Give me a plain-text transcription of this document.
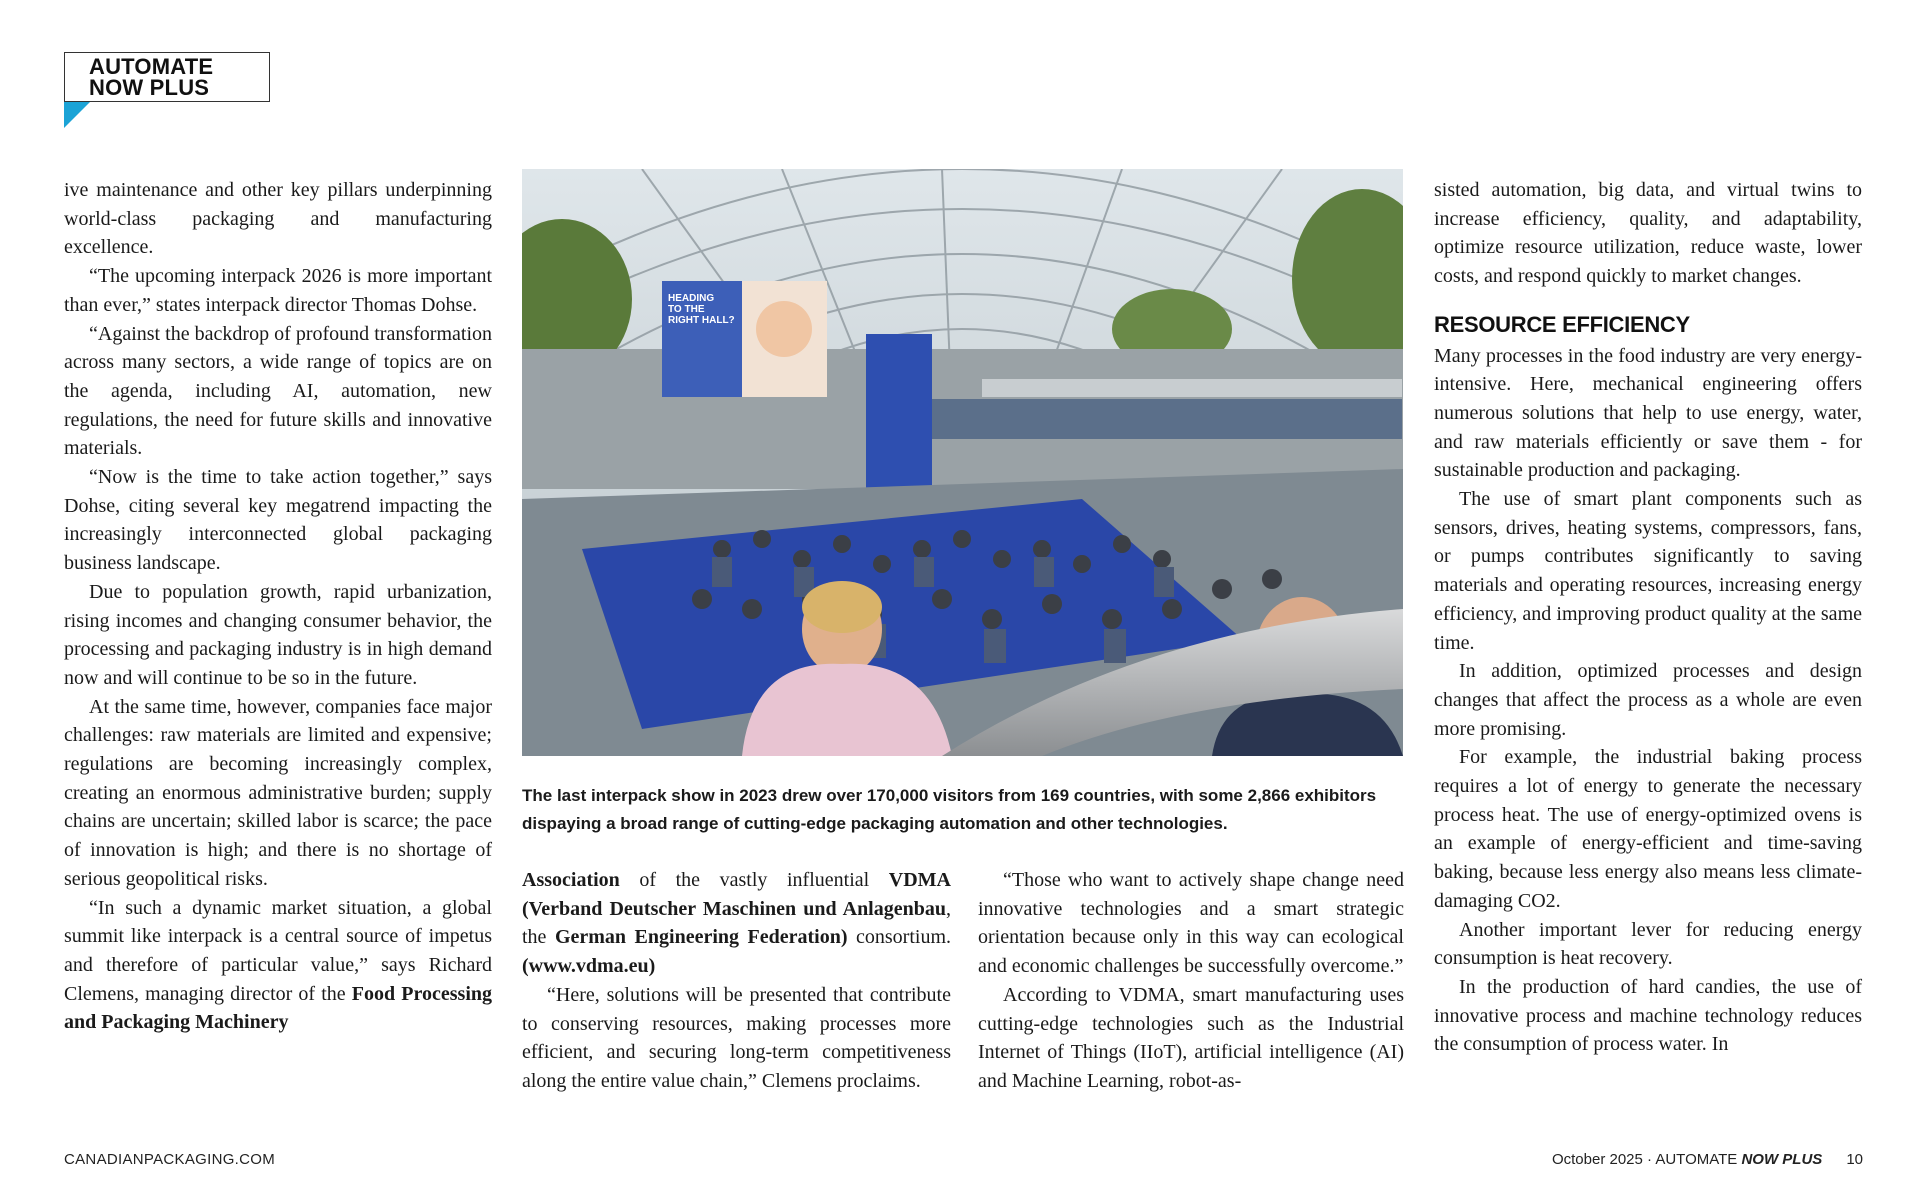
AUTOMATE
NOW PLUS

ive maintenance and other key pillars underpinning world-class packaging and manufacturing excellence.

“The upcoming interpack 2026 is more important than ever,” states interpack director Thomas Dohse.

“Against the backdrop of profound transformation across many sectors, a wide range of topics are on the agenda, including AI, automation, new regulations, the need for future skills and innovative materials.

“Now is the time to take action together,” says Dohse, citing several key megatrend impacting the increasingly interconnected global packaging business landscape.

Due to population growth, rapid urbanization, rising incomes and changing consumer behavior, the processing and packaging industry is in high demand now and will continue to be so in the future.

At the same time, however, companies face major challenges: raw materials are limited and expensive; regulations are becoming increasingly complex, creating an enormous administrative burden; supply chains are uncertain; skilled labor is scarce; the pace of innovation is high; and there is no shortage of serious geopolitical risks.

“In such a dynamic market situation, a global summit like interpack is a central source of impetus and therefore of particular value,” says Richard Clemens, managing director of the Food Processing and Packaging Machinery

HEADING TO THE RIGHT HALL?
The last interpack show in 2023 drew over 170,000 visitors from 169 countries, with some 2,866 exhibitors dispaying a broad range of cutting-edge packaging automation and other technologies.

Association of the vastly influential VDMA (Verband Deutscher Maschinen und Anlagenbau, the German Engineering Federation) consortium. (www.vdma.eu)

“Here, solutions will be presented that contribute to conserving resources, making processes more efficient, and securing long-term competitiveness along the entire value chain,” Clemens proclaims.

“Those who want to actively shape change need innovative technologies and a smart strategic orientation because only in this way can ecological and economic challenges be successfully overcome.”

According to VDMA, smart manufacturing uses cutting-edge technologies such as the Industrial Internet of Things (IIoT), artificial intelligence (AI) and Machine Learning, robot-as-

sisted automation, big data, and virtual twins to increase efficiency, quality, and adaptability, optimize resource utilization, reduce waste, lower costs, and respond quickly to market changes.

RESOURCE EFFICIENCY

Many processes in the food industry are very energy-intensive. Here, mechanical engineering offers numerous solutions that help to use energy, water, and raw materials efficiently or save them - for sustainable production and packaging.

The use of smart plant components such as sensors, drives, heating systems, compressors, fans, or pumps contributes significantly to saving materials and operating resources, increasing energy efficiency, and improving product quality at the same time.

In addition, optimized processes and design changes that affect the process as a whole are even more promising.

For example, the industrial baking process requires a lot of energy to generate the necessary process heat. The use of energy-optimized ovens is an example of energy-efficient and time-saving baking, because less energy also means less climate- damaging CO2.

Another important lever for reducing energy consumption is heat recovery.

In the production of hard candies, the use of innovative process and machine technology reduces the consumption of process water. In

CANADIANPACKAGING.COM	October 2025 · AUTOMATE NOW PLUS 10
